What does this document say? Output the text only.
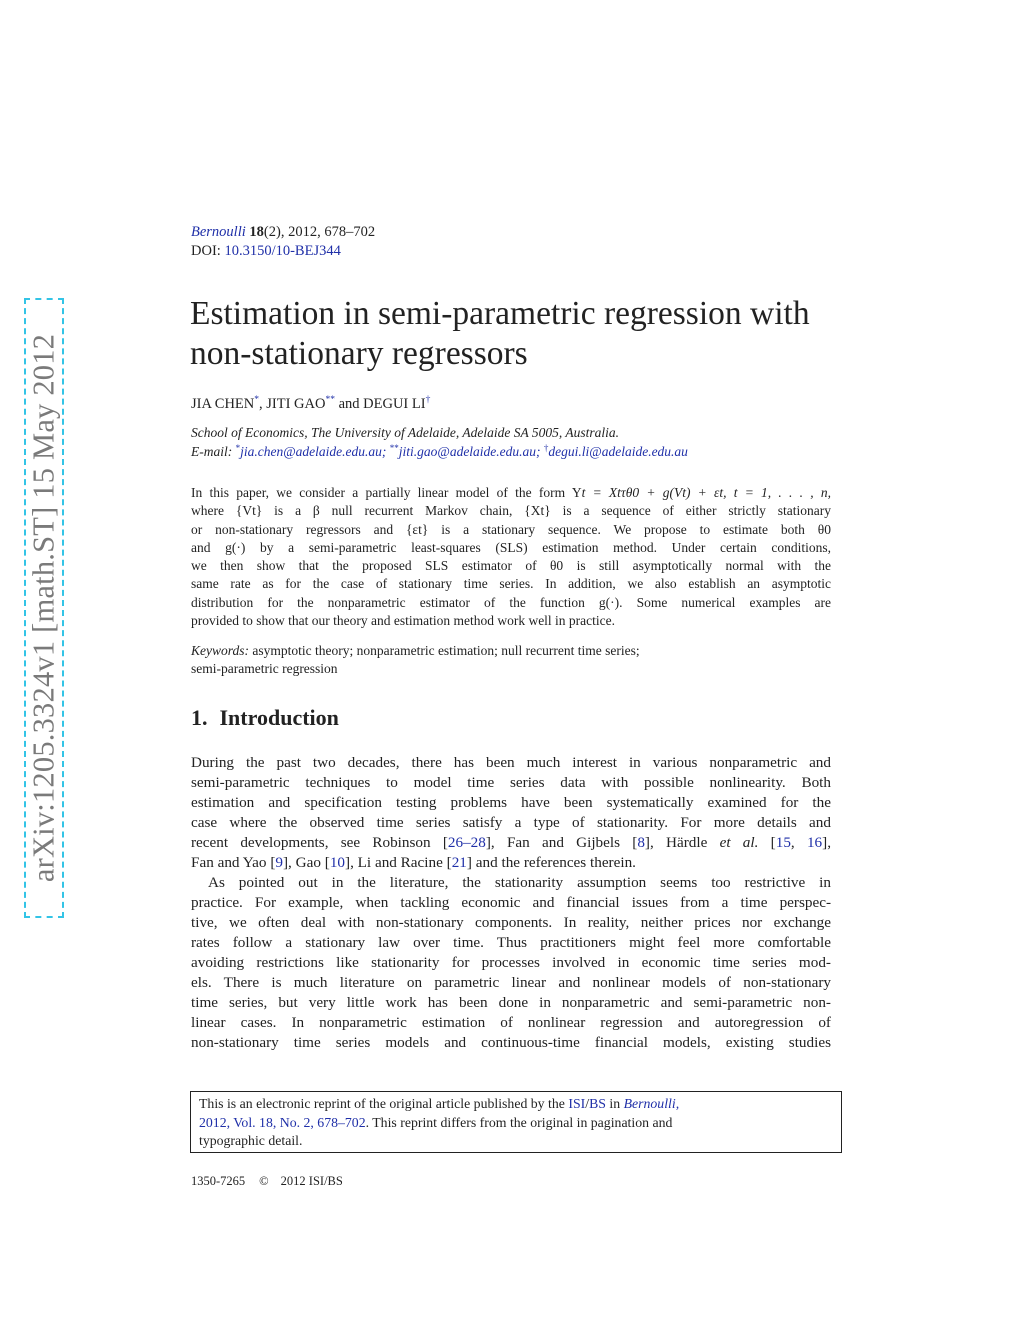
arXiv:1205.3324v1 [math.ST] 15 May 2012
Bernoulli 18(2), 2012, 678–702
DOI: 10.3150/10-BEJ344
Estimation in semi-parametric regression with
non-stationary regressors
JIA CHEN*, JITI GAO** and DEGUI LI†
School of Economics, The University of Adelaide, Adelaide SA 5005, Australia.
E-mail: *jia.chen@adelaide.edu.au; **jiti.gao@adelaide.edu.au; †degui.li@adelaide.edu.au
In this paper, we consider a partially linear model of the form Yt = Xtτθ0 + g(Vt) + εt, t = 1, . . . , n,
where {Vt} is a β null recurrent Markov chain, {Xt} is a sequence of either strictly stationary
or non-stationary regressors and {εt} is a stationary sequence. We propose to estimate both θ0
and g(·) by a semi-parametric least-squares (SLS) estimation method. Under certain conditions,
we then show that the proposed SLS estimator of θ0 is still asymptotically normal with the
same rate as for the case of stationary time series. In addition, we also establish an asymptotic
distribution for the nonparametric estimator of the function g(·). Some numerical examples are
provided to show that our theory and estimation method work well in practice.
Keywords: asymptotic theory; nonparametric estimation; null recurrent time series;
semi-parametric regression
1. Introduction
During the past two decades, there has been much interest in various nonparametric and
semi-parametric techniques to model time series data with possible nonlinearity. Both
estimation and specification testing problems have been systematically examined for the
case where the observed time series satisfy a type of stationarity. For more details and
recent developments, see Robinson [26–28], Fan and Gijbels [8], Härdle et al. [15, 16],
Fan and Yao [9], Gao [10], Li and Racine [21] and the references therein.
As pointed out in the literature, the stationarity assumption seems too restrictive in
practice. For example, when tackling economic and financial issues from a time perspec-
tive, we often deal with non-stationary components. In reality, neither prices nor exchange
rates follow a stationary law over time. Thus practitioners might feel more comfortable
avoiding restrictions like stationarity for processes involved in economic time series mod-
els. There is much literature on parametric linear and nonlinear models of non-stationary
time series, but very little work has been done in nonparametric and semi-parametric non-
linear cases. In nonparametric estimation of nonlinear regression and autoregression of
non-stationary time series models and continuous-time financial models, existing studies
This is an electronic reprint of the original article published by the ISI/BS in Bernoulli,
2012, Vol. 18, No. 2, 678–702. This reprint differs from the original in pagination and
typographic detail.
1350-7265 © 2012 ISI/BS
